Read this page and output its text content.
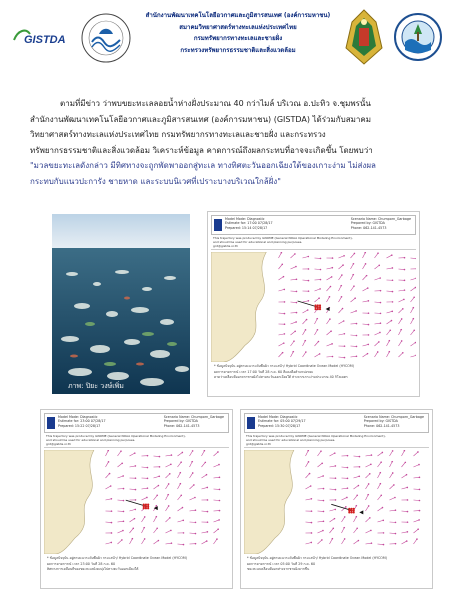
GISTDA
สำนักงานพัฒนาเทคโนโลยีอวกาศและภูมิสารสนเทศ (องค์การมหาชน)
สมาคมวิทยาศาสตร์ทางทะเลแห่งประเทศไทย
กรมทรัพยากรทางทะเลและชายฝั่ง
กระทรวงทรัพยากรธรรมชาติและสิ่งแวดล้อม
ตามที่มีข่าว ว่าพบขยะทะเลลอยน้ำห่างฝั่งประมาณ 40 กว่าไมล์ บริเวณ อ.ปะทิว จ.ชุมพรนั้น
สำนักงานพัฒนาเทคโนโลยีอวกาศและภูมิสารสนเทศ (องค์การมหาชน) (GISTDA) ได้ร่วมกับสมาคม
วิทยาศาสตร์ทางทะเลแห่งประเทศไทย กรมทรัพยากรทางทะเลและชายฝั่ง และกระทรวง
ทรัพยากรธรรมชาติและสิ่งแวดล้อม วิเคราะห์ข้อมูล คาดการณ์ถึงผลกระทบที่อาจจะเกิดขึ้น โดยพบว่า
"มวลขยะทะเลดังกล่าว มีทิศทางจะถูกพัดพาออกสู่ทะเล ทางทิศตะวันออกเฉียงใต้ของเกาะง่าม ไม่ส่งผล
กระทบกับแนวปะการัง ชายหาด และระบบนิเวศที่เปราะบางบริเวณใกล้ฝั่ง"
ภาพ: ปิยะ วงษ์เพิ่ม
Model Mode: Diagnostic
Estimate for: 17:00 07/28/17
Prepared: 15:14 07/28/17
Scenario Name: Chumporn_Garbage
Prepared by: GISTDA
Phone: 062-141-4573
This trajectory was produced by GNOME (General NOAA Operational Modeling Environment),
and should be used for educational and planning purposes.
gnt@gistda.or.th
* ข้อมูลปัจจุบัน อยู่ตามแนวระดับพื้นผิว กระแสน้ำ/ Hybrid Coordinate Ocean Model (HYCOM)
ผลการคาดการณ์ เวลา 17:00 วันที่ 28 ก.ค. 60 สีแดงคือตำแหน่งขยะ
คาดว่าเคลื่อนที่ออกจากชายฝั่งไปทางตะวันออกเฉียงใต้ ห่างจากเกาะง่ามประมาณ 40 กิโลเมตร
Model Mode: Diagnostic
Estimate for: 23:00 07/28/17
Prepared: 15:22 07/28/17
Scenario Name: Chumporn_Garbage
Prepared by: GISTDA
Phone: 062-141-4573
This trajectory was produced by GNOME (General NOAA Operational Modeling Environment),
and should be used for educational and planning purposes.
gnt@gistda.or.th
* ข้อมูลปัจจุบัน อยู่ตามแนวระดับพื้นผิว กระแสน้ำ/ Hybrid Coordinate Ocean Model (HYCOM)
ผลการคาดการณ์ เวลา 23:00 วันที่ 28 ก.ค. 60
ทิศทางการเคลื่อนที่ของขยะทะเลยังคงมุ่งไปทางตะวันออกเฉียงใต้
Model Mode: Diagnostic
Estimate for: 05:00 07/29/17
Prepared: 15:30 07/28/17
Scenario Name: Chumporn_Garbage
Prepared by: GISTDA
Phone: 062-141-4573
This trajectory was produced by GNOME (General NOAA Operational Modeling Environment),
and should be used for educational and planning purposes.
gnt@gistda.or.th
* ข้อมูลปัจจุบัน อยู่ตามแนวระดับพื้นผิว กระแสน้ำ/ Hybrid Coordinate Ocean Model (HYCOM)
ผลการคาดการณ์ เวลา 05:00 วันที่ 29 ก.ค. 60
ขยะทะเลเคลื่อนที่ออกห่างจากชายฝั่งมากขึ้น
